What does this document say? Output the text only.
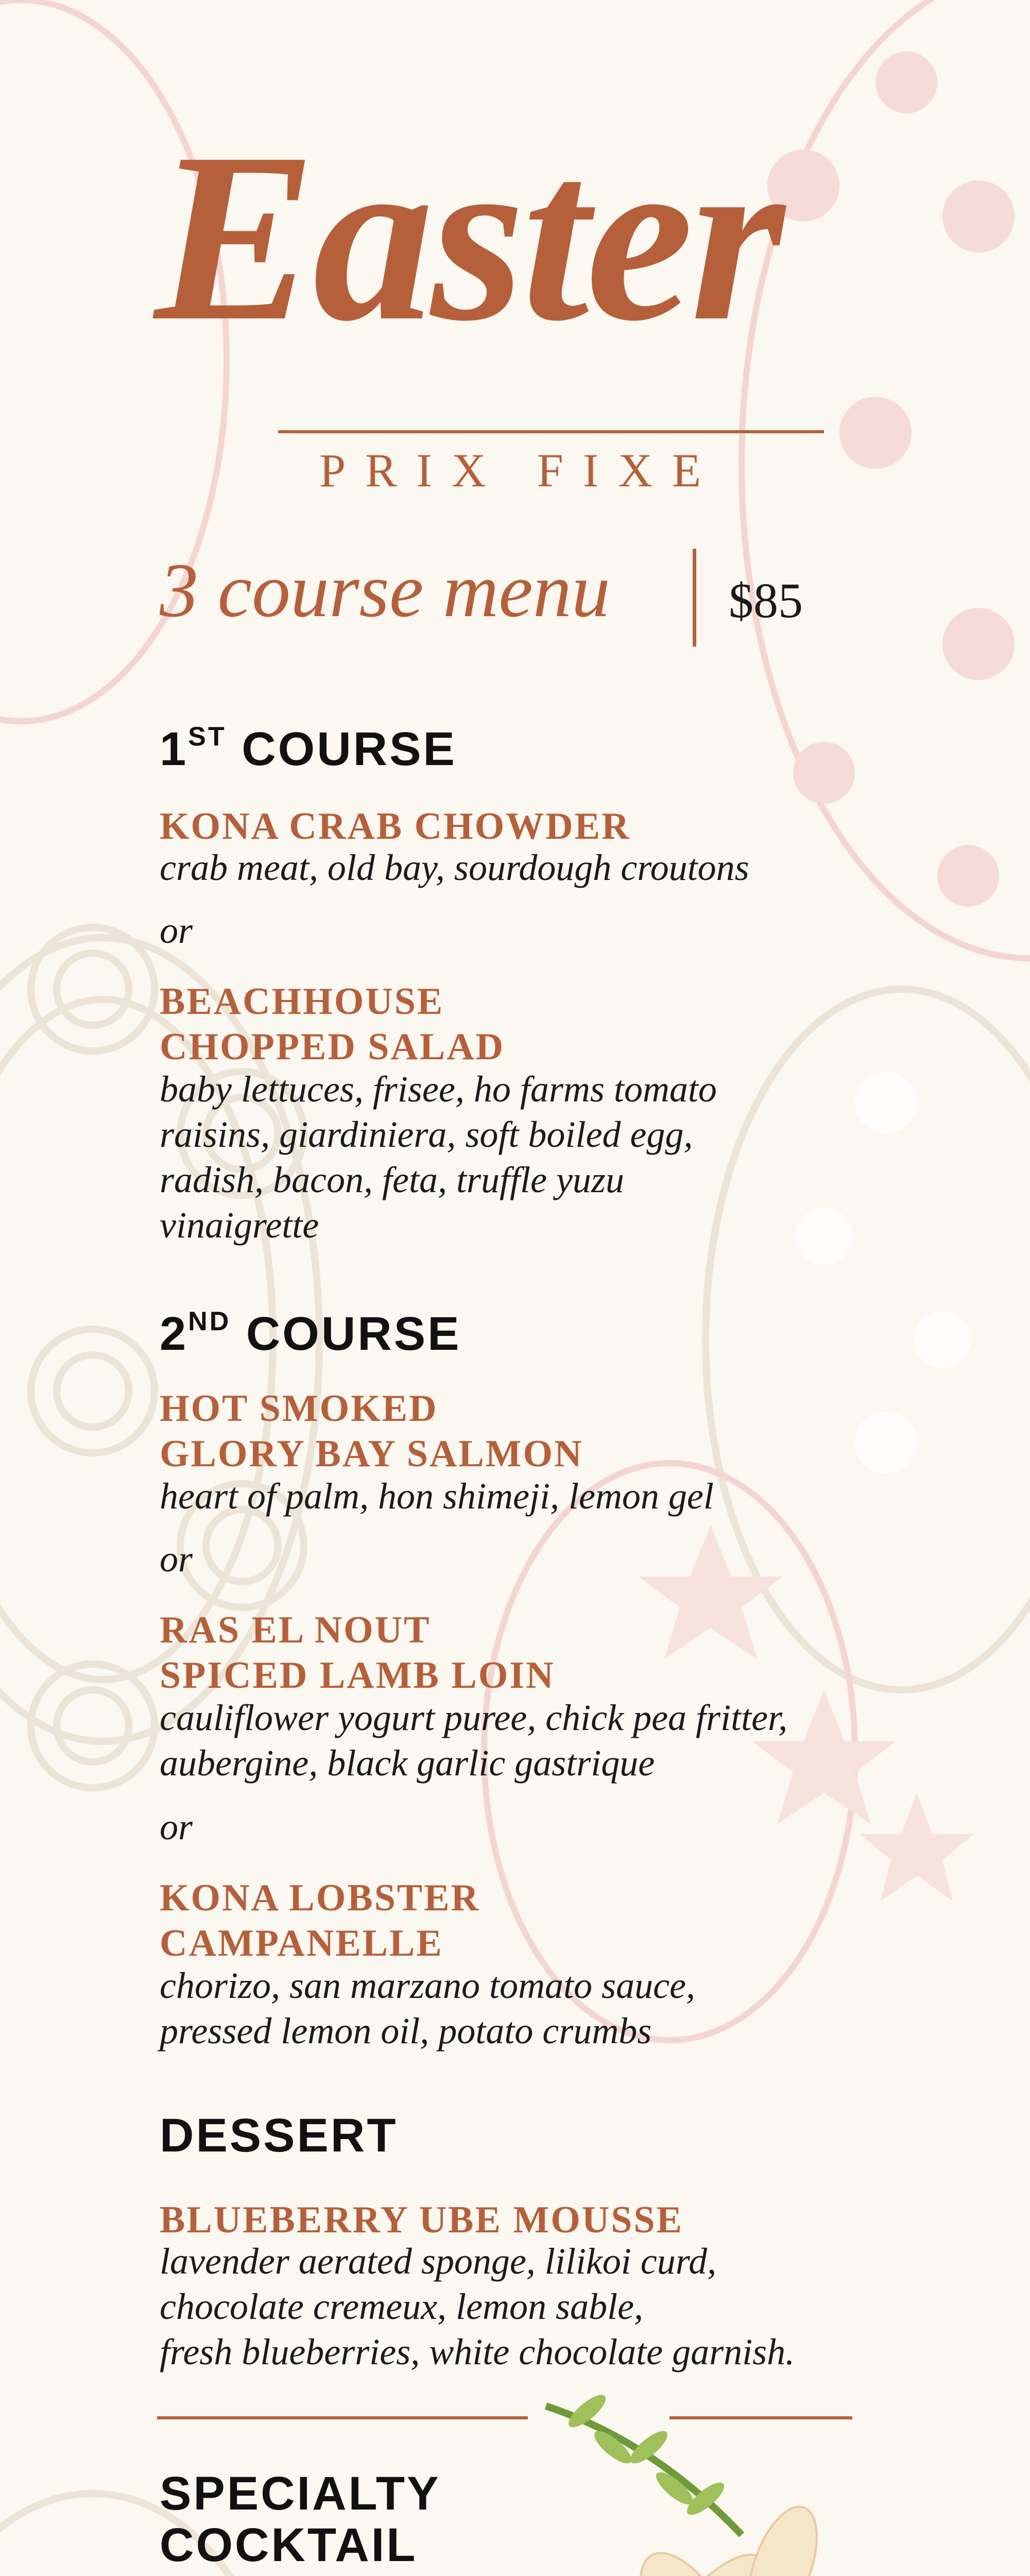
Easter
PRIX FIXE
3 course menu $85
1ST COURSE
KONA CRAB CHOWDER
crab meat, old bay, sourdough croutons
or
BEACHHOUSE
CHOPPED SALAD
baby lettuces, frisee, ho farms tomato
raisins, giardiniera, soft boiled egg,
radish, bacon, feta, truffle yuzu
vinaigrette
2ND COURSE
HOT SMOKED
GLORY BAY SALMON
heart of palm, hon shimeji, lemon gel
or
RAS EL NOUT
SPICED LAMB LOIN
cauliflower yogurt puree, chick pea fritter,
aubergine, black garlic gastrique
or
KONA LOBSTER
CAMPANELLE
chorizo, san marzano tomato sauce,
pressed lemon oil, potato crumbs
DESSERT
BLUEBERRY UBE MOUSSE
lavender aerated sponge, lilikoi curd,
chocolate cremeux, lemon sable,
fresh blueberries, white chocolate garnish.
SPECIALTY
COCKTAIL
